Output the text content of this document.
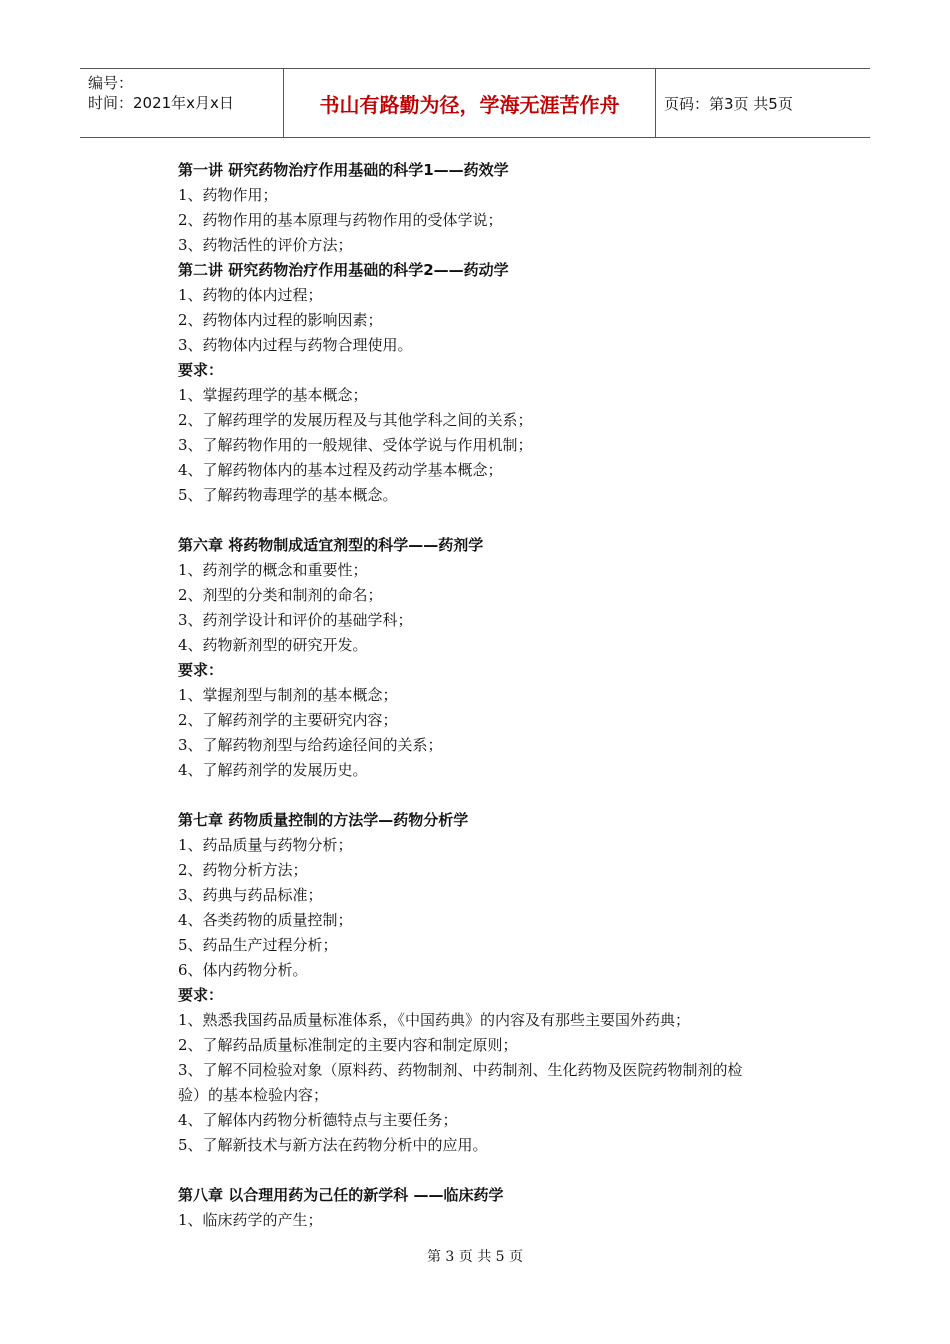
编号：
时间：2021年x月x日	书山有路勤为径，学海无涯苦作舟	页码：第3页 共5页
第一讲 研究药物治疗作用基础的科学1——药效学
1、药物作用；
2、药物作用的基本原理与药物作用的受体学说；
3、药物活性的评价方法；
第二讲 研究药物治疗作用基础的科学2——药动学
1、药物的体内过程；
2、药物体内过程的影响因素；
3、药物体内过程与药物合理使用。
要求：
1、掌握药理学的基本概念；
2、了解药理学的发展历程及与其他学科之间的关系；
3、了解药物作用的一般规律、受体学说与作用机制；
4、了解药物体内的基本过程及药动学基本概念；
5、了解药物毒理学的基本概念。
第六章 将药物制成适宜剂型的科学——药剂学
1、药剂学的概念和重要性；
2、剂型的分类和制剂的命名；
3、药剂学设计和评价的基础学科；
4、药物新剂型的研究开发。
要求：
1、掌握剂型与制剂的基本概念；
2、了解药剂学的主要研究内容；
3、了解药物剂型与给药途径间的关系；
4、了解药剂学的发展历史。
第七章 药物质量控制的方法学—药物分析学
1、药品质量与药物分析；
2、药物分析方法；
3、药典与药品标准；
4、各类药物的质量控制；
5、药品生产过程分析；
6、体内药物分析。
要求：
1、熟悉我国药品质量标准体系，《中国药典》的内容及有那些主要国外药典；
2、了解药品质量标准制定的主要内容和制定原则；
3、了解不同检验对象（原料药、药物制剂、中药制剂、生化药物及医院药物制剂的检
验）的基本检验内容；
4、了解体内药物分析德特点与主要任务；
5、了解新技术与新方法在药物分析中的应用。
第八章 以合理用药为己任的新学科 ——临床药学
1、临床药学的产生；
第 3 页 共 5 页
